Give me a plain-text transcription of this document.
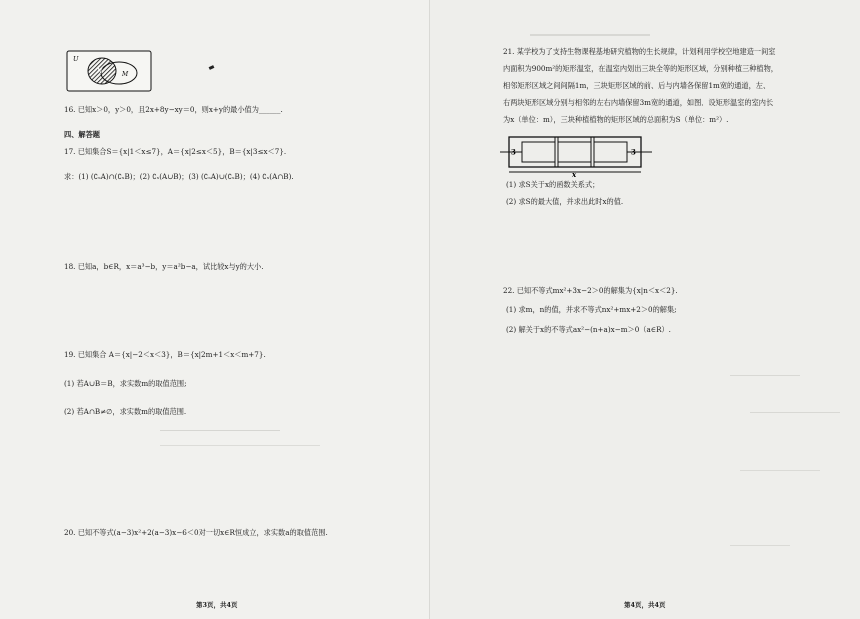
U
N	M
16. 已知x＞0，y＞0，且2x+8y−xy＝0，则x+y的最小值为______.
四、解答题
17. 已知集合S＝{x|1＜x≤7}，A＝{x|2≤x＜5}，B＝{x|3≤x＜7}.
求：(1) (∁ₛA)∩(∁ₛB)；(2) ∁ₛ(A∪B)；(3) (∁ₛA)∪(∁ₛB)；(4) ∁ₛ(A∩B).
18. 已知a，b∈R，x＝a³−b，y＝a²b−a，试比较x与y的大小.
19. 已知集合 A＝{x|−2＜x＜3}，B＝{x|2m+1＜x＜m+7}.
(1) 若A∪B＝B，求实数m的取值范围;
(2) 若A∩B≠∅，求实数m的取值范围.
20. 已知不等式(a−3)x²+2(a−3)x−6＜0对一切x∈R恒成立，求实数a的取值范围.
第3页，共4页
21. 某学校为了支持生物课程基地研究植物的生长规律，计划利用学校空地建造一间室
内面积为900m²的矩形温室，在温室内划出三块全等的矩形区域，分别种植三种植物，
相邻矩形区域之间间隔1m，三块矩形区域的前、后与内墙各保留1m宽的通道，左、
右两块矩形区域分别与相邻的左右内墙保留3m宽的通道，如图．设矩形温室的室内长
为x（单位：m），三块种植植物的矩形区域的总面积为S（单位：m²）.
3	3
x
(1) 求S关于x的函数关系式；
(2) 求S的最大值，并求出此时x的值.
22. 已知不等式mx²+3x−2＞0的解集为{x|n＜x＜2}.
(1) 求m，n的值，并求不等式nx²+mx+2＞0的解集;
(2) 解关于x的不等式ax²−(n+a)x−m＞0（a∈R）.
第4页，共4页
